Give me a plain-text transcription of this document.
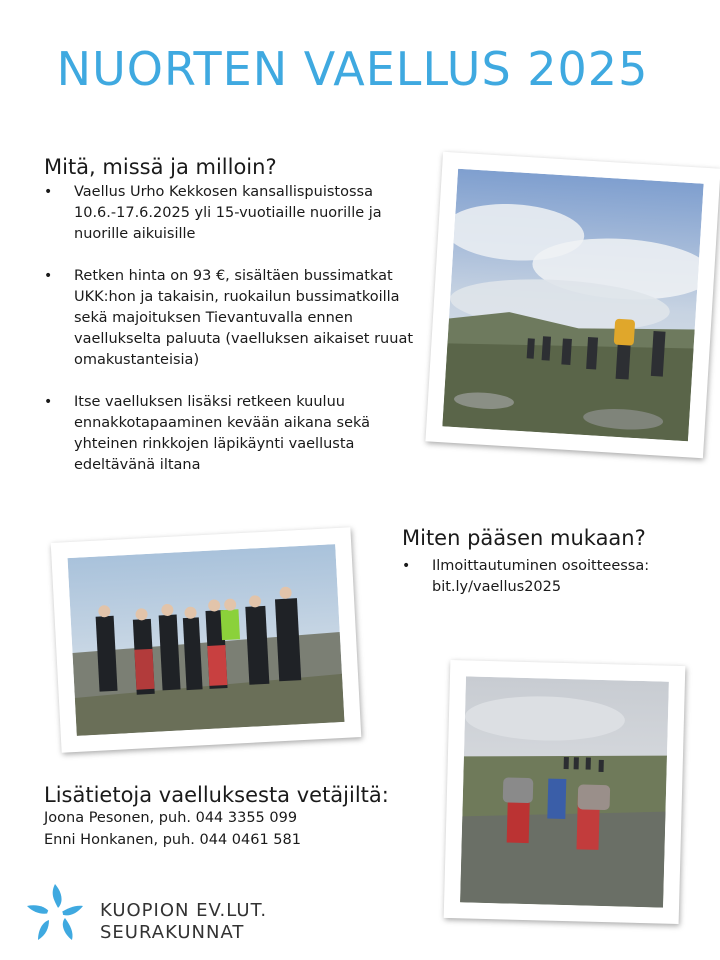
NUORTEN VAELLUS 2025
Mitä, missä ja milloin?
• Vaellus Urho Kekkosen kansallispuistossa 10.6.-17.6.2025 yli 15-vuotiaille nuorille ja nuorille aikuisille
• Retken hinta on 93 €, sisältäen bussimatkat UKK:hon ja takaisin, ruokailun bussimatkoilla sekä majoituksen Tievantuvalla ennen vaellukselta paluuta (vaelluksen aikaiset ruuat omakustanteisia)
• Itse vaelluksen lisäksi retkeen kuuluu ennakkotapaaminen kevään aikana sekä yhteinen rinkkojen läpikäynti vaellusta edeltävänä iltana
Miten pääsen mukaan?
• Ilmoittautuminen osoitteessa: bit.ly/vaellus2025
Lisätietoja vaelluksesta vetäjiltä:

Joona Pesonen, puh. 044 3355 099

Enni Honkanen, puh. 044 0461 581

KUOPION EV.LUT.
SEURAKUNNAT
